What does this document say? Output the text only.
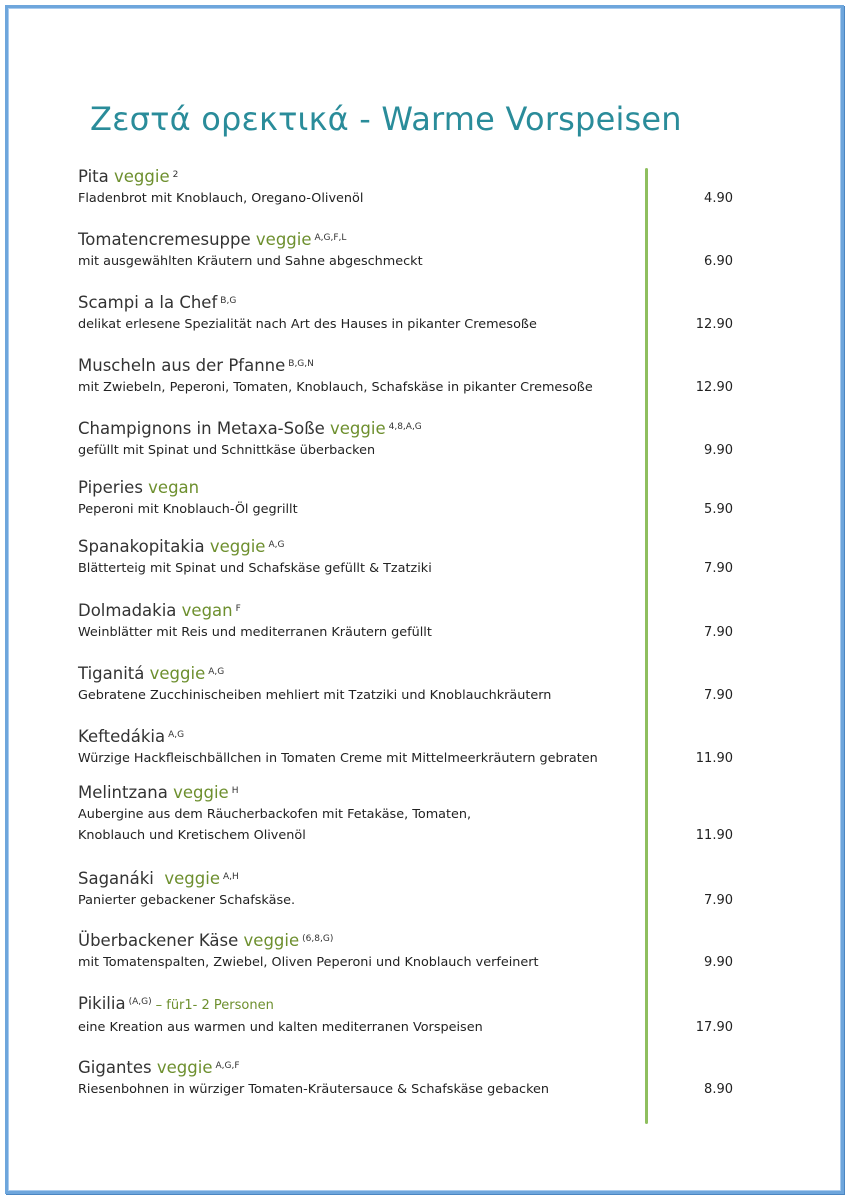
Ζεστά ορεκτικά - Warme Vorspeisen
Pita veggie $^2$
Fladenbrot mit Knoblauch, Oregano-Olivenöl	4.90
Tomatencremesuppe veggie $^{A,G,F,L}$
mit ausgewählten Kräutern und Sahne abgeschmeckt	6.90
Scampi a la Chef $^{B,G}$
delikat erlesene Spezialität nach Art des Hauses in pikanter Cremesoße	12.90
Muscheln aus der Pfanne $^{B,G,N}$
mit Zwiebeln, Peperoni, Tomaten, Knoblauch, Schafskäse in pikanter Cremesoße	12.90
Champignons in Metaxa-Soße veggie $^{4,8,A,G}$
gefüllt mit Spinat und Schnittkäse überbacken	9.90
Piperies vegan
Peperoni mit Knoblauch-Öl gegrillt	5.90
Spanakopitakia veggie $^{A,G}$
Blätterteig mit Spinat und Schafskäse gefüllt & Tzatziki	7.90
Dolmadakia vegan $^F$
Weinblätter mit Reis und mediterranen Kräutern gefüllt	7.90
Tiganitá veggie $^{A,G}$
Gebratene Zucchinischeiben mehliert mit Tzatziki und Knoblauchkräutern	7.90
Keftedákia $^{A,G}$
Würzige Hackfleischbällchen in Tomaten Creme mit Mittelmeerkräutern gebraten	11.90
Melintzana veggie $^H$
Aubergine aus dem Räucherbackofen mit Fetakäse, Tomaten,
Knoblauch und Kretischem Olivenöl	11.90
Saganáki veggie $^{A,H}$
Panierter gebackener Schafskäse.	7.90
Überbackener Käse veggie $^{(6,8,G)}$
mit Tomatenspalten, Zwiebel, Oliven Peperoni und Knoblauch verfeinert	9.90
Pikilia $^{(A,G)}$ – für1- 2 Personen
eine Kreation aus warmen und kalten mediterranen Vorspeisen	17.90
Gigantes veggie $^{A,G,F}$
Riesenbohnen in würziger Tomaten-Kräutersauce & Schafskäse gebacken	8.90
